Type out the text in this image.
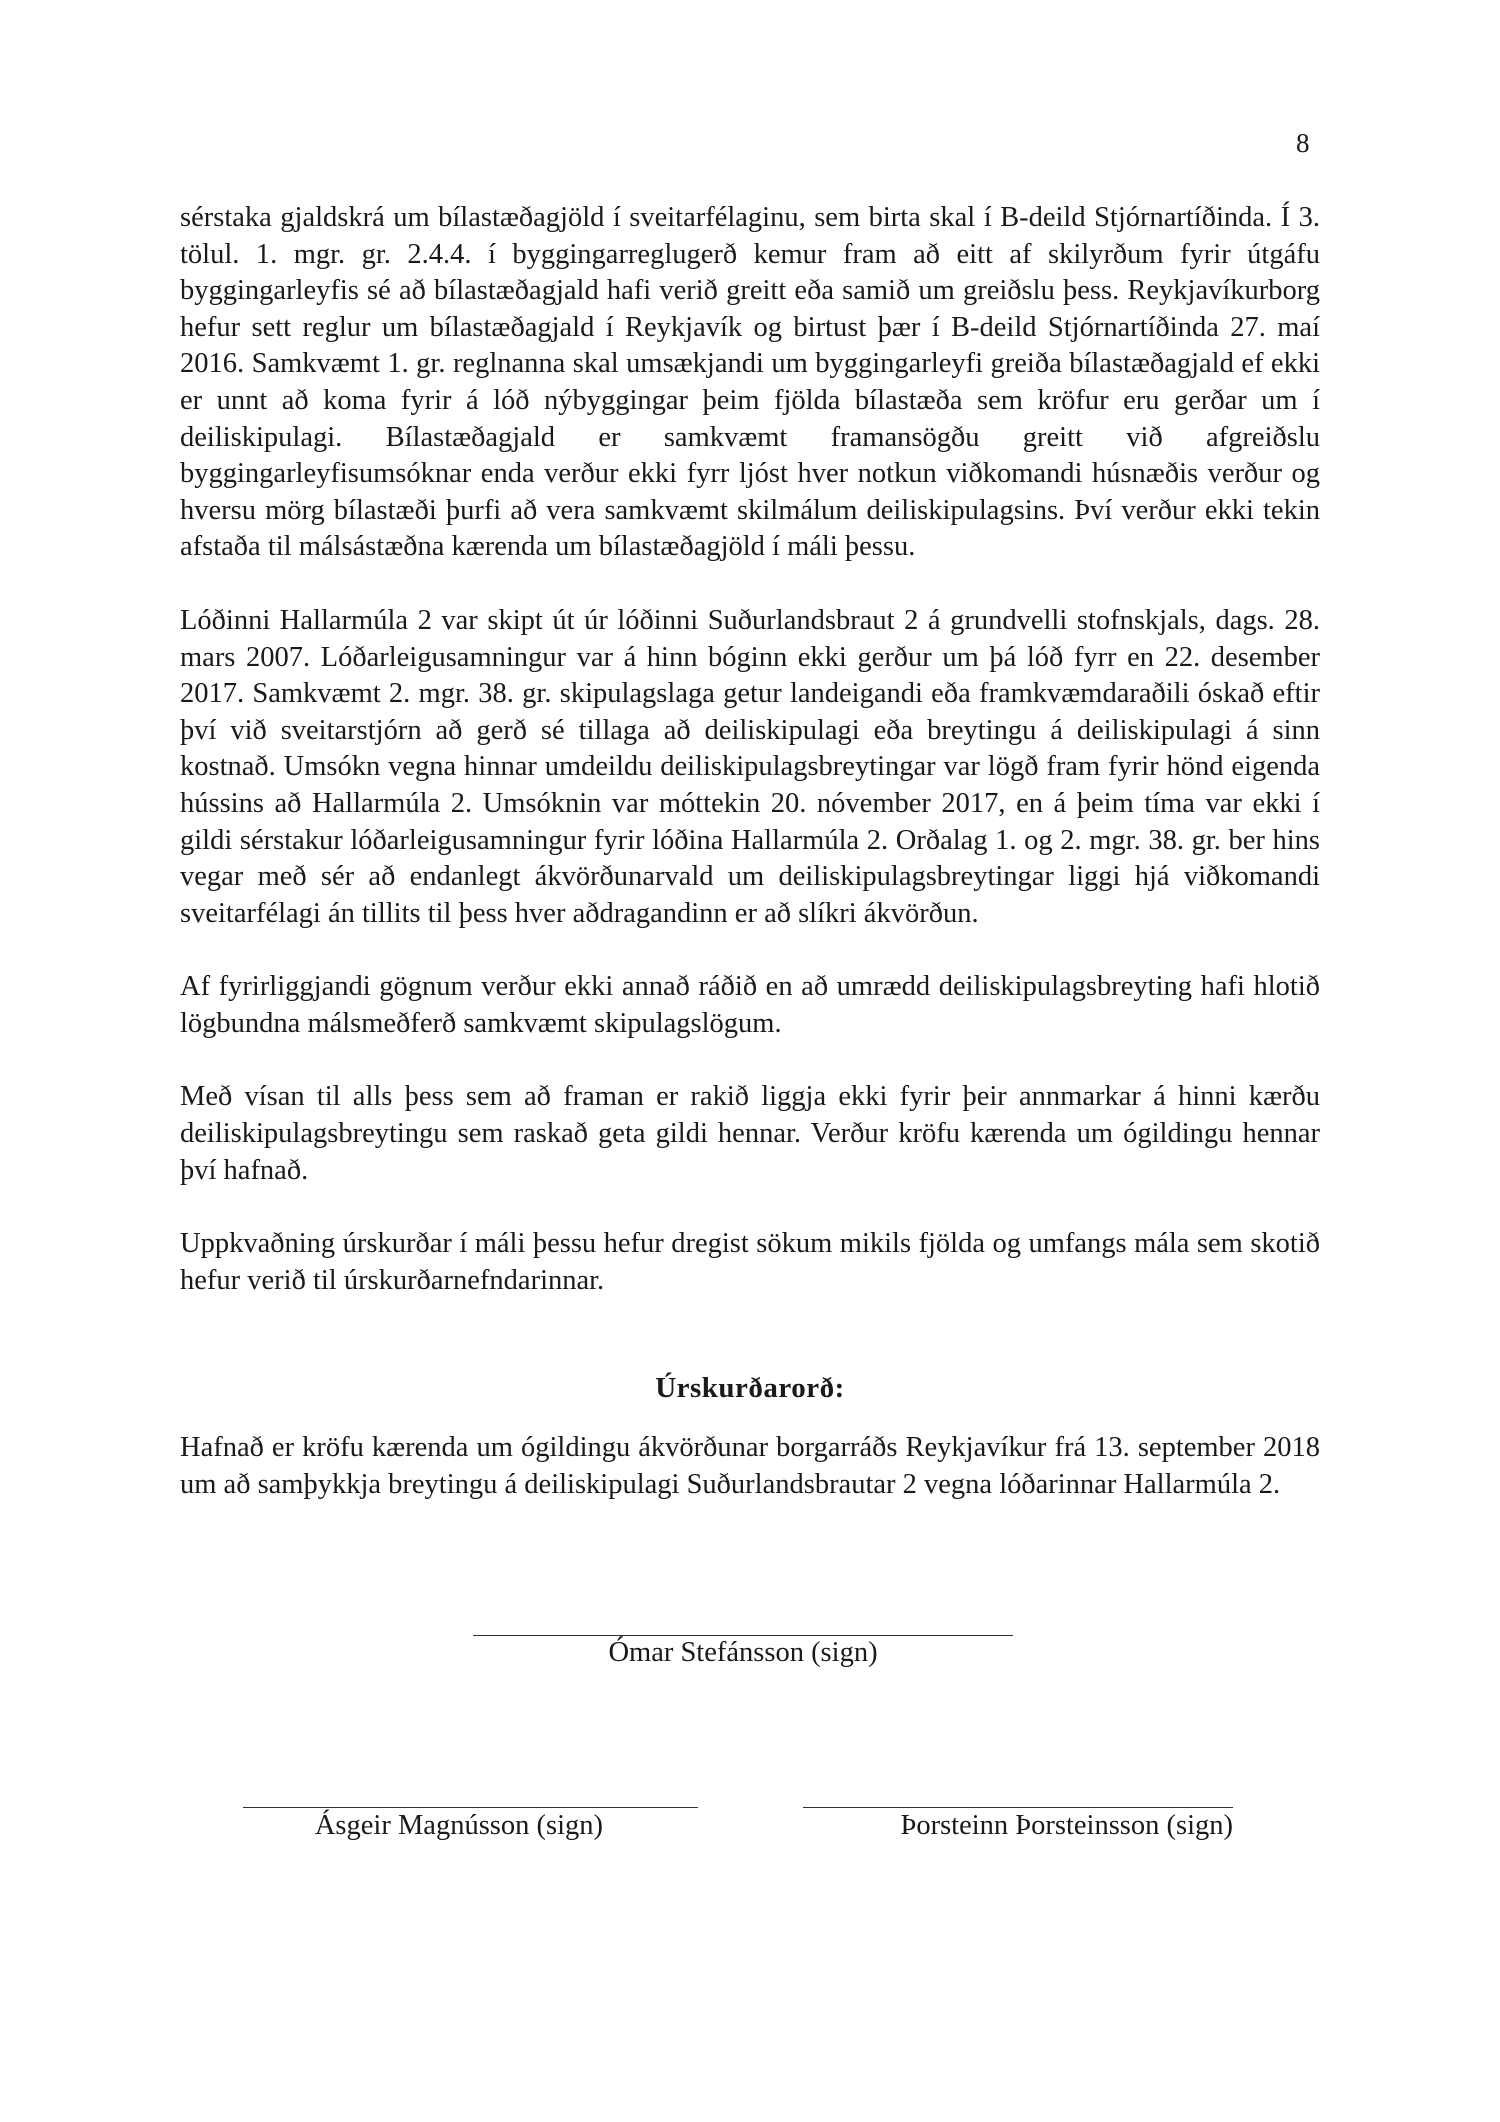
8

sérstaka gjaldskrá um bílastæðagjöld í sveitarfélaginu, sem birta skal í B-deild Stjórnartíðinda. Í 3. tölul. 1. mgr. gr. 2.4.4. í byggingarreglugerð kemur fram að eitt af skilyrðum fyrir útgáfu byggingarleyfis sé að bílastæðagjald hafi verið greitt eða samið um greiðslu þess. Reykjavíkurborg hefur sett reglur um bílastæðagjald í Reykjavík og birtust þær í B-deild Stjórnartíðinda 27. maí 2016. Samkvæmt 1. gr. reglnanna skal umsækjandi um byggingarleyfi greiða bílastæðagjald ef ekki er unnt að koma fyrir á lóð nýbyggingar þeim fjölda bílastæða sem kröfur eru gerðar um í deiliskipulagi. Bílastæðagjald er samkvæmt framansögðu greitt við afgreiðslu byggingarleyfisumsóknar enda verður ekki fyrr ljóst hver notkun viðkomandi húsnæðis verður og hversu mörg bílastæði þurfi að vera samkvæmt skilmálum deiliskipulagsins. Því verður ekki tekin afstaða til málsástæðna kærenda um bílastæðagjöld í máli þessu.

Lóðinni Hallarmúla 2 var skipt út úr lóðinni Suðurlandsbraut 2 á grundvelli stofnskjals, dags. 28. mars 2007. Lóðarleigusamningur var á hinn bóginn ekki gerður um þá lóð fyrr en 22. desember 2017. Samkvæmt 2. mgr. 38. gr. skipulagslaga getur landeigandi eða framkvæmdaraðili óskað eftir því við sveitarstjórn að gerð sé tillaga að deiliskipulagi eða breytingu á deiliskipulagi á sinn kostnað. Umsókn vegna hinnar umdeildu deiliskipulagsbreytingar var lögð fram fyrir hönd eigenda hússins að Hallarmúla 2. Umsóknin var móttekin 20. nóvember 2017, en á þeim tíma var ekki í gildi sérstakur lóðarleigusamningur fyrir lóðina Hallarmúla 2. Orðalag 1. og 2. mgr. 38. gr. ber hins vegar með sér að endanlegt ákvörðunarvald um deiliskipulagsbreytingar liggi hjá viðkomandi sveitarfélagi án tillits til þess hver aðdragandinn er að slíkri ákvörðun.

Af fyrirliggjandi gögnum verður ekki annað ráðið en að umrædd deiliskipulagsbreyting hafi hlotið lögbundna málsmeðferð samkvæmt skipulagslögum.

Með vísan til alls þess sem að framan er rakið liggja ekki fyrir þeir annmarkar á hinni kærðu deiliskipulagsbreytingu sem raskað geta gildi hennar. Verður kröfu kærenda um ógildingu hennar því hafnað.

Uppkvaðning úrskurðar í máli þessu hefur dregist sökum mikils fjölda og umfangs mála sem skotið hefur verið til úrskurðarnefndarinnar.

Úrskurðarorð:

Hafnað er kröfu kærenda um ógildingu ákvörðunar borgarráðs Reykjavíkur frá 13. september 2018 um að samþykkja breytingu á deiliskipulagi Suðurlandsbrautar 2 vegna lóðarinnar Hallarmúla 2.

Ómar Stefánsson (sign)
Ásgeir Magnússon (sign)	Þorsteinn Þorsteinsson (sign)
